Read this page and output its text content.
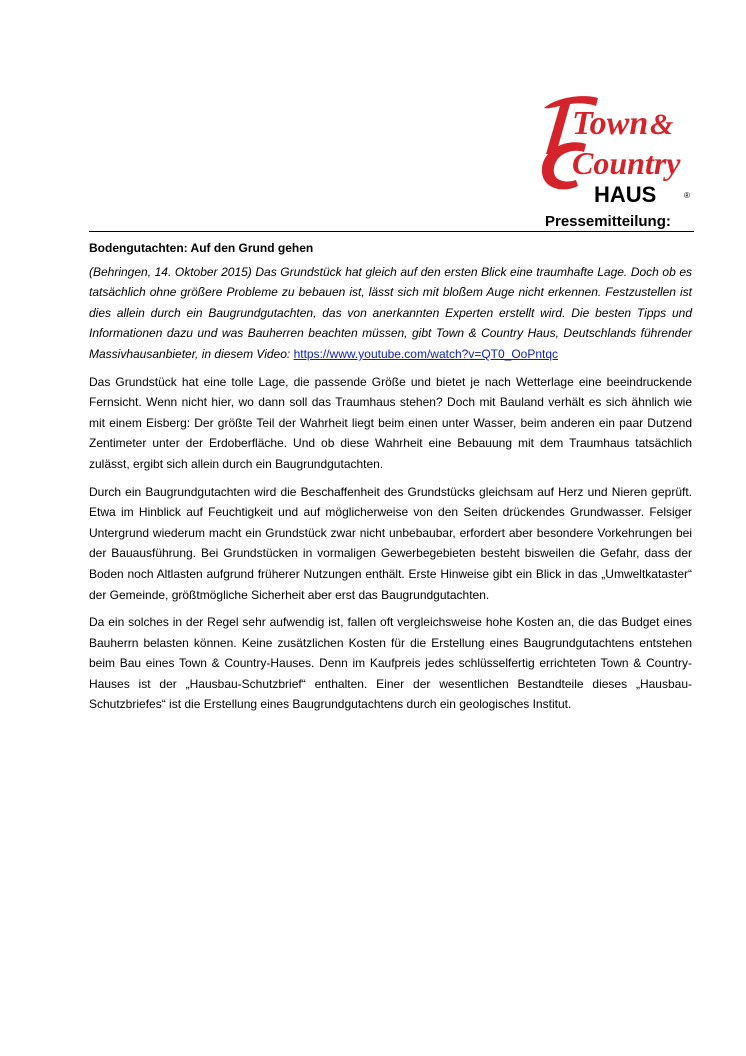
Town &
Country
HAUS	®
Pressemitteilung:
Bodengutachten: Auf den Grund gehen

(Behringen, 14. Oktober 2015) Das Grundstück hat gleich auf den ersten Blick eine traumhafte Lage. Doch ob es tatsächlich ohne größere Probleme zu bebauen ist, lässt sich mit bloßem Auge nicht erkennen. Festzustellen ist dies allein durch ein Baugrundgutachten, das von anerkannten Experten erstellt wird. Die besten Tipps und Informationen dazu und was Bauherren beachten müssen, gibt Town & Country Haus, Deutschlands führender Massivhausanbieter, in diesem Video: https://www.youtube.com/watch?v=QT0_OoPntqc

Das Grundstück hat eine tolle Lage, die passende Größe und bietet je nach Wetterlage eine beeindruckende Fernsicht. Wenn nicht hier, wo dann soll das Traumhaus stehen? Doch mit Bauland verhält es sich ähnlich wie mit einem Eisberg: Der größte Teil der Wahrheit liegt beim einen unter Wasser, beim anderen ein paar Dutzend Zentimeter unter der Erdoberfläche. Und ob diese Wahrheit eine Bebauung mit dem Traumhaus tatsächlich zulässt, ergibt sich allein durch ein Baugrundgutachten.

Durch ein Baugrundgutachten wird die Beschaffenheit des Grundstücks gleichsam auf Herz und Nieren geprüft. Etwa im Hinblick auf Feuchtigkeit und auf möglicherweise von den Seiten drückendes Grundwasser. Felsiger Untergrund wiederum macht ein Grundstück zwar nicht unbebaubar, erfordert aber besondere Vorkehrungen bei der Bauausführung. Bei Grundstücken in vormaligen Gewerbegebieten besteht bisweilen die Gefahr, dass der Boden noch Altlasten aufgrund früherer Nutzungen enthält. Erste Hinweise gibt ein Blick in das „Umweltkataster“ der Gemeinde, größtmögliche Sicherheit aber erst das Baugrundgutachten.

Da ein solches in der Regel sehr aufwendig ist, fallen oft vergleichsweise hohe Kosten an, die das Budget eines Bauherrn belasten können. Keine zusätzlichen Kosten für die Erstellung eines Baugrundgutachtens entstehen beim Bau eines Town & Country-Hauses. Denn im Kaufpreis jedes schlüsselfertig errichteten Town & Country-Hauses ist der „Hausbau-Schutzbrief“ enthalten. Einer der wesentlichen Bestandteile dieses „Hausbau-Schutzbriefes“ ist die Erstellung eines Baugrundgutachtens durch ein geologisches Institut.
